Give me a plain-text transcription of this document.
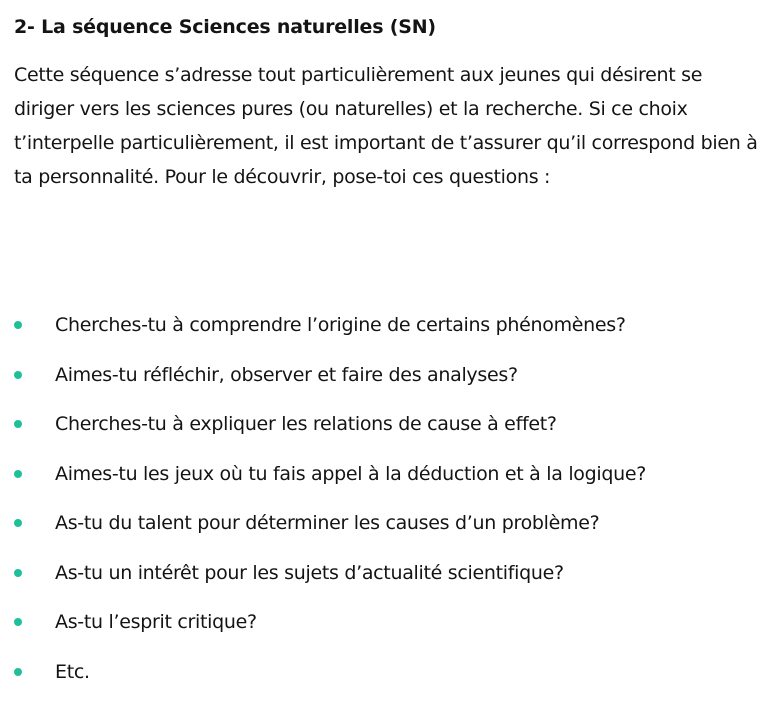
2- La séquence Sciences naturelles (SN)

Cette séquence s’adresse tout particulièrement aux jeunes qui désirent se diriger vers les sciences pures (ou naturelles) et la recherche. Si ce choix t’interpelle particulièrement, il est important de t’assurer qu’il correspond bien à ta personnalité. Pour le découvrir, pose-toi ces questions :

Cherches-tu à comprendre l’origine de certains phénomènes?
Aimes-tu réfléchir, observer et faire des analyses?
Cherches-tu à expliquer les relations de cause à effet?
Aimes-tu les jeux où tu fais appel à la déduction et à la logique?
As-tu du talent pour déterminer les causes d’un problème?
As-tu un intérêt pour les sujets d’actualité scientifique?
As-tu l’esprit critique?
Etc.
